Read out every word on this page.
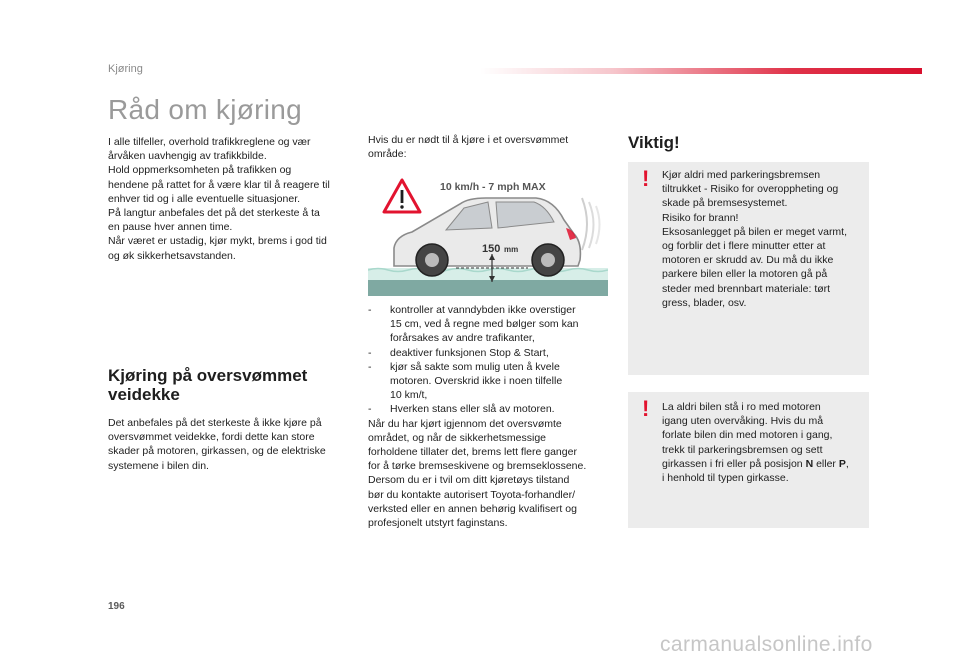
Kjøring
Råd om kjøring
I alle tilfeller, overhold trafikkreglene og vær
årvåken uavhengig av trafikkbilde.
Hold oppmerksomheten på trafikken og
hendene på rattet for å være klar til å reagere til
enhver tid og i alle eventuelle situasjoner.
På langtur anbefales det på det sterkeste å ta
en pause hver annen time.
Når været er ustadig, kjør mykt, brems i god tid
og øk sikkerhetsavstanden.
Kjøring på oversvømmet
veidekke
Det anbefales på det sterkeste å ikke kjøre på
oversvømmet veidekke, fordi dette kan store
skader på motoren, girkassen, og de elektriske
systemene i bilen din.
Hvis du er nødt til å kjøre i et oversvømmet
område:
10 km/h - 7 mph MAX
150 mm
- kontroller at vanndybden ikke overstiger
15 cm, ved å regne med bølger som kan
forårsakes av andre trafikanter,
- deaktiver funksjonen Stop & Start,
- kjør så sakte som mulig uten å kvele
motoren. Overskrid ikke i noen tilfelle
10 km/t,
- Hverken stans eller slå av motoren.
Når du har kjørt igjennom det oversvømte
området, og når de sikkerhetsmessige
forholdene tillater det, brems lett flere ganger
for å tørke bremseskivene og bremseklossene.
Dersom du er i tvil om ditt kjøretøys tilstand
bør du kontakte autorisert Toyota-forhandler/
verksted eller en annen behørig kvalifisert og
profesjonelt utstyrt faginstans.
Viktig!
! Kjør aldri med parkeringsbremsen
tiltrukket - Risiko for overoppheting og
skade på bremsesystemet.
Risiko for brann!
Eksosanlegget på bilen er meget varmt,
og forblir det i flere minutter etter at
motoren er skrudd av. Du må du ikke
parkere bilen eller la motoren gå på
steder med brennbart materiale: tørt
gress, blader, osv.
! La aldri bilen stå i ro med motoren
igang uten overvåking. Hvis du må
forlate bilen din med motoren i gang,
trekk til parkeringsbremsen og sett
girkassen i fri eller på posisjon N eller P,
i henhold til typen girkasse.
196
carmanualsonline.info
